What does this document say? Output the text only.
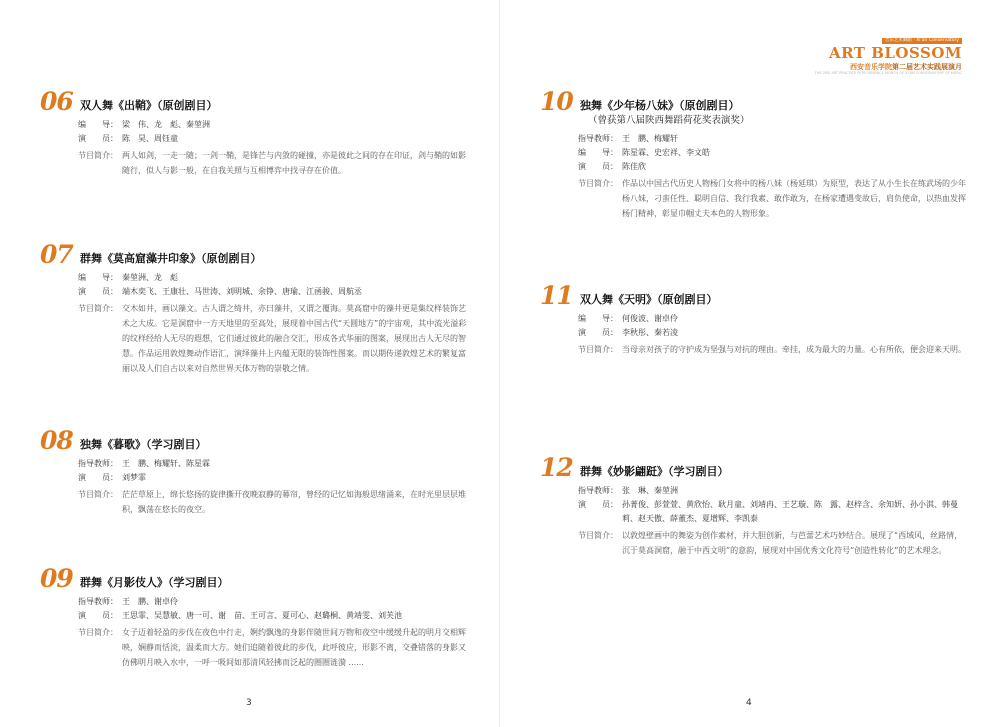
音乐艺术舞蹈 · Xi'an Conservatory
ART BLOSSOM
西安音乐学院第二届艺术实践展演月
THE 2ND ART PRACTICE PERFORMANCE MONTH OF XI'AN CONSERVATORY OF MUSIC
06 双人舞《出鞘》（原创剧目）
编　　导： 梁　伟、龙　彪、秦堃洲
演　　员： 陈　昊、周钰童
节目简介： 两人如剑，一走一随；一剑一鞘，是锋芒与内敛的碰撞，亦是彼此之间的存在印证，剑与鞘的如影随行，似人与影一般，在自我关照与互相博弈中找寻存在价值。
07 群舞《莫高窟藻井印象》（原创剧目）
编　　导： 秦堃洲、龙　彪
演　　员： 端木奕飞、王康壮、马世涛、刘明城、余铮、唐瑜、江函骏、周航丞
节目简介： 交木如井，画以藻文。古人谓之绮井，亦曰藻井，又谓之覆海。莫高窟中的藻井更是集纹样装饰艺术之大成。它是洞窟中一方天地里的至高处，展现着中国古代“天圆地方”的宇宙观，其中流光溢彩的纹样经给人无尽的遐想，它们通过彼此的融合交汇，形成各式华丽的图案，展现出古人无尽的智慧。作品运用敦煌舞动作语汇，演绎藻井上内蕴无限的装饰性图案。而以期传递敦煌艺术的繁复富丽以及人们自古以来对自然世界天体万物的崇敬之情。
08 独舞《暮歌》（学习剧目）
指导教师： 王　鹏、梅耀轩、陈星霖
演　　员： 刘梦霏
节目简介： 茫茫草原上，绵长悠扬的旋律撕开夜晚寂静的幕帘，曾经的记忆如海般思绪涌来，在时光里层层堆积，飘荡在悠长的夜空。
09 群舞《月影伎人》（学习剧目）
指导教师： 王　鹏、谢卓伶
演　　员： 王思霏、吴慧敏、唐一可、谢　苗、王可言、夏可心、赵璐桐、黄靖雯、刘芙池
节目简介： 女子迈着轻盈的步伐在夜色中行走，婀约飘逸的身影伴随世间万物和夜空中缓缓升起的明月交相辉映，娴静而恬淡，温柔而大方。她们追随着彼此的步伐，此呼彼应，形影不离，交叠错落的身影又仿佛明月映入水中，一呼一吸间如那清风轻拂而泛起的圈圈涟漪 ......
10 独舞《少年杨八妹》（原创剧目）
（曾获第八届陕西舞蹈荷花奖表演奖）
指导教师： 王　鹏、梅耀轩
编　　导： 陈星霖、史宏祥、李文皓
演　　员： 陈佳欣
节目简介： 作品以中国古代历史人物杨门女将中的杨八妹（杨延琪）为原型，表达了从小生长在练武场的少年杨八妹，刁蛮任性、聪明自信、我行我素、敢作敢为，在杨家遭遇变故后，肩负使命，以热血发挥杨门精神，彰显巾帼丈夫本色的人物形象。
11 双人舞《天明》（原创剧目）
编　　导： 何俊波、谢卓伶
演　　员： 李秋彤、秦若凌
节目简介： 当母亲对孩子的守护成为坚强与对抗的理由。牵挂，成为最大的力量。心有所依，便会迎来天明。
12 群舞《妙影翩跹》（学习剧目）
指导教师： 张　琳、秦堃洲
演　　员： 孙菁俊、彭萱萱、黄欣怡、耿月童、刘靖冉、王艺璇、陈　露、赵梓含、余知妍、孙小淇、韩曼莉、赵天傲、薛董杰、夏增辉、李凯泰
节目简介： 以敦煌壁画中的舞姿为创作素材，并大胆创新，与芭蕾艺术巧妙结合。展现了“西域风，丝路情，沉于莫高洞窟，融于中西文明”的意韵，展现对中国优秀文化符号“创造性转化”的艺术理念。
3	4
